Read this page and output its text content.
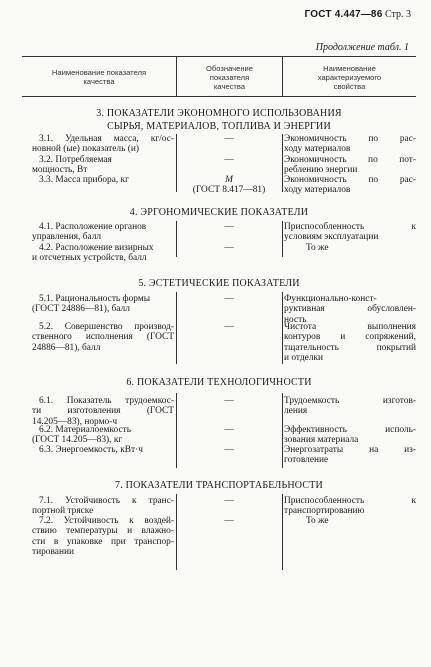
ГОСТ 4.447—86 Стр. 3
Продолжение табл. 1
Наименование показателя
качества
Обозначение
показателя
качества
Наименование
характеризуемого
свойства
3. ПОКАЗАТЕЛИ ЭКОНОМНОГО ИСПОЛЬЗОВАНИЯ
СЫРЬЯ, МАТЕРИАЛОВ, ТОПЛИВА И ЭНЕРГИИ
3.1. Удельная масса, кг/ос-
новной (ые) показатель (и)
—	Экономичность по рас-
ходу материалов
3.2. Потребляемая
мощность, Вт
—	Экономичность по пот-
реблению энергии
3.3. Масса прибора, кг	М
(ГОСТ 8.417—81)
Экономичность по рас-
ходу материалов
4. ЭРГОНОМИЧЕСКИЕ ПОКАЗАТЕЛИ
4.1. Расположение органов
управления, балл
—	Приспособленность к
условиям эксплуатации
4.2. Расположение визирных
и отсчетных устройств, балл
—	То же
5. ЭСТЕТИЧЕСКИЕ ПОКАЗАТЕЛИ
5.1. Рациональность формы
(ГОСТ 24886—81), балл
—	Функционально-конст-
руктивная обусловлен-
ность
5.2. Совершенство производ-
ственного исполнения (ГОСТ
24886—81), балл
—	Чистота выполнения
контуров и сопряжений,
тщательность покрытий
и отделки
6. ПОКАЗАТЕЛИ ТЕХНОЛОГИЧНОСТИ
6.1. Показатель трудоемкос-
ти изготовления (ГОСТ
14.205—83), нормо-ч
—	Трудоемкость изготов-
ления
6.2. Материалоемкость
(ГОСТ 14.205—83), кг
—	Эффективность исполь-
зования материала
6.3. Энергоемкость, кВт·ч	—	Энергозатраты на из-
готовление
7. ПОКАЗАТЕЛИ ТРАНСПОРТАБЕЛЬНОСТИ
7.1. Устойчивость к транс-
портной тряске
—	Приспособленность к
транспортированию
7.2. Устойчивость к воздей-
ствию температуры и влажно-
сти в упаковке при транспор-
тировании
—	То же
